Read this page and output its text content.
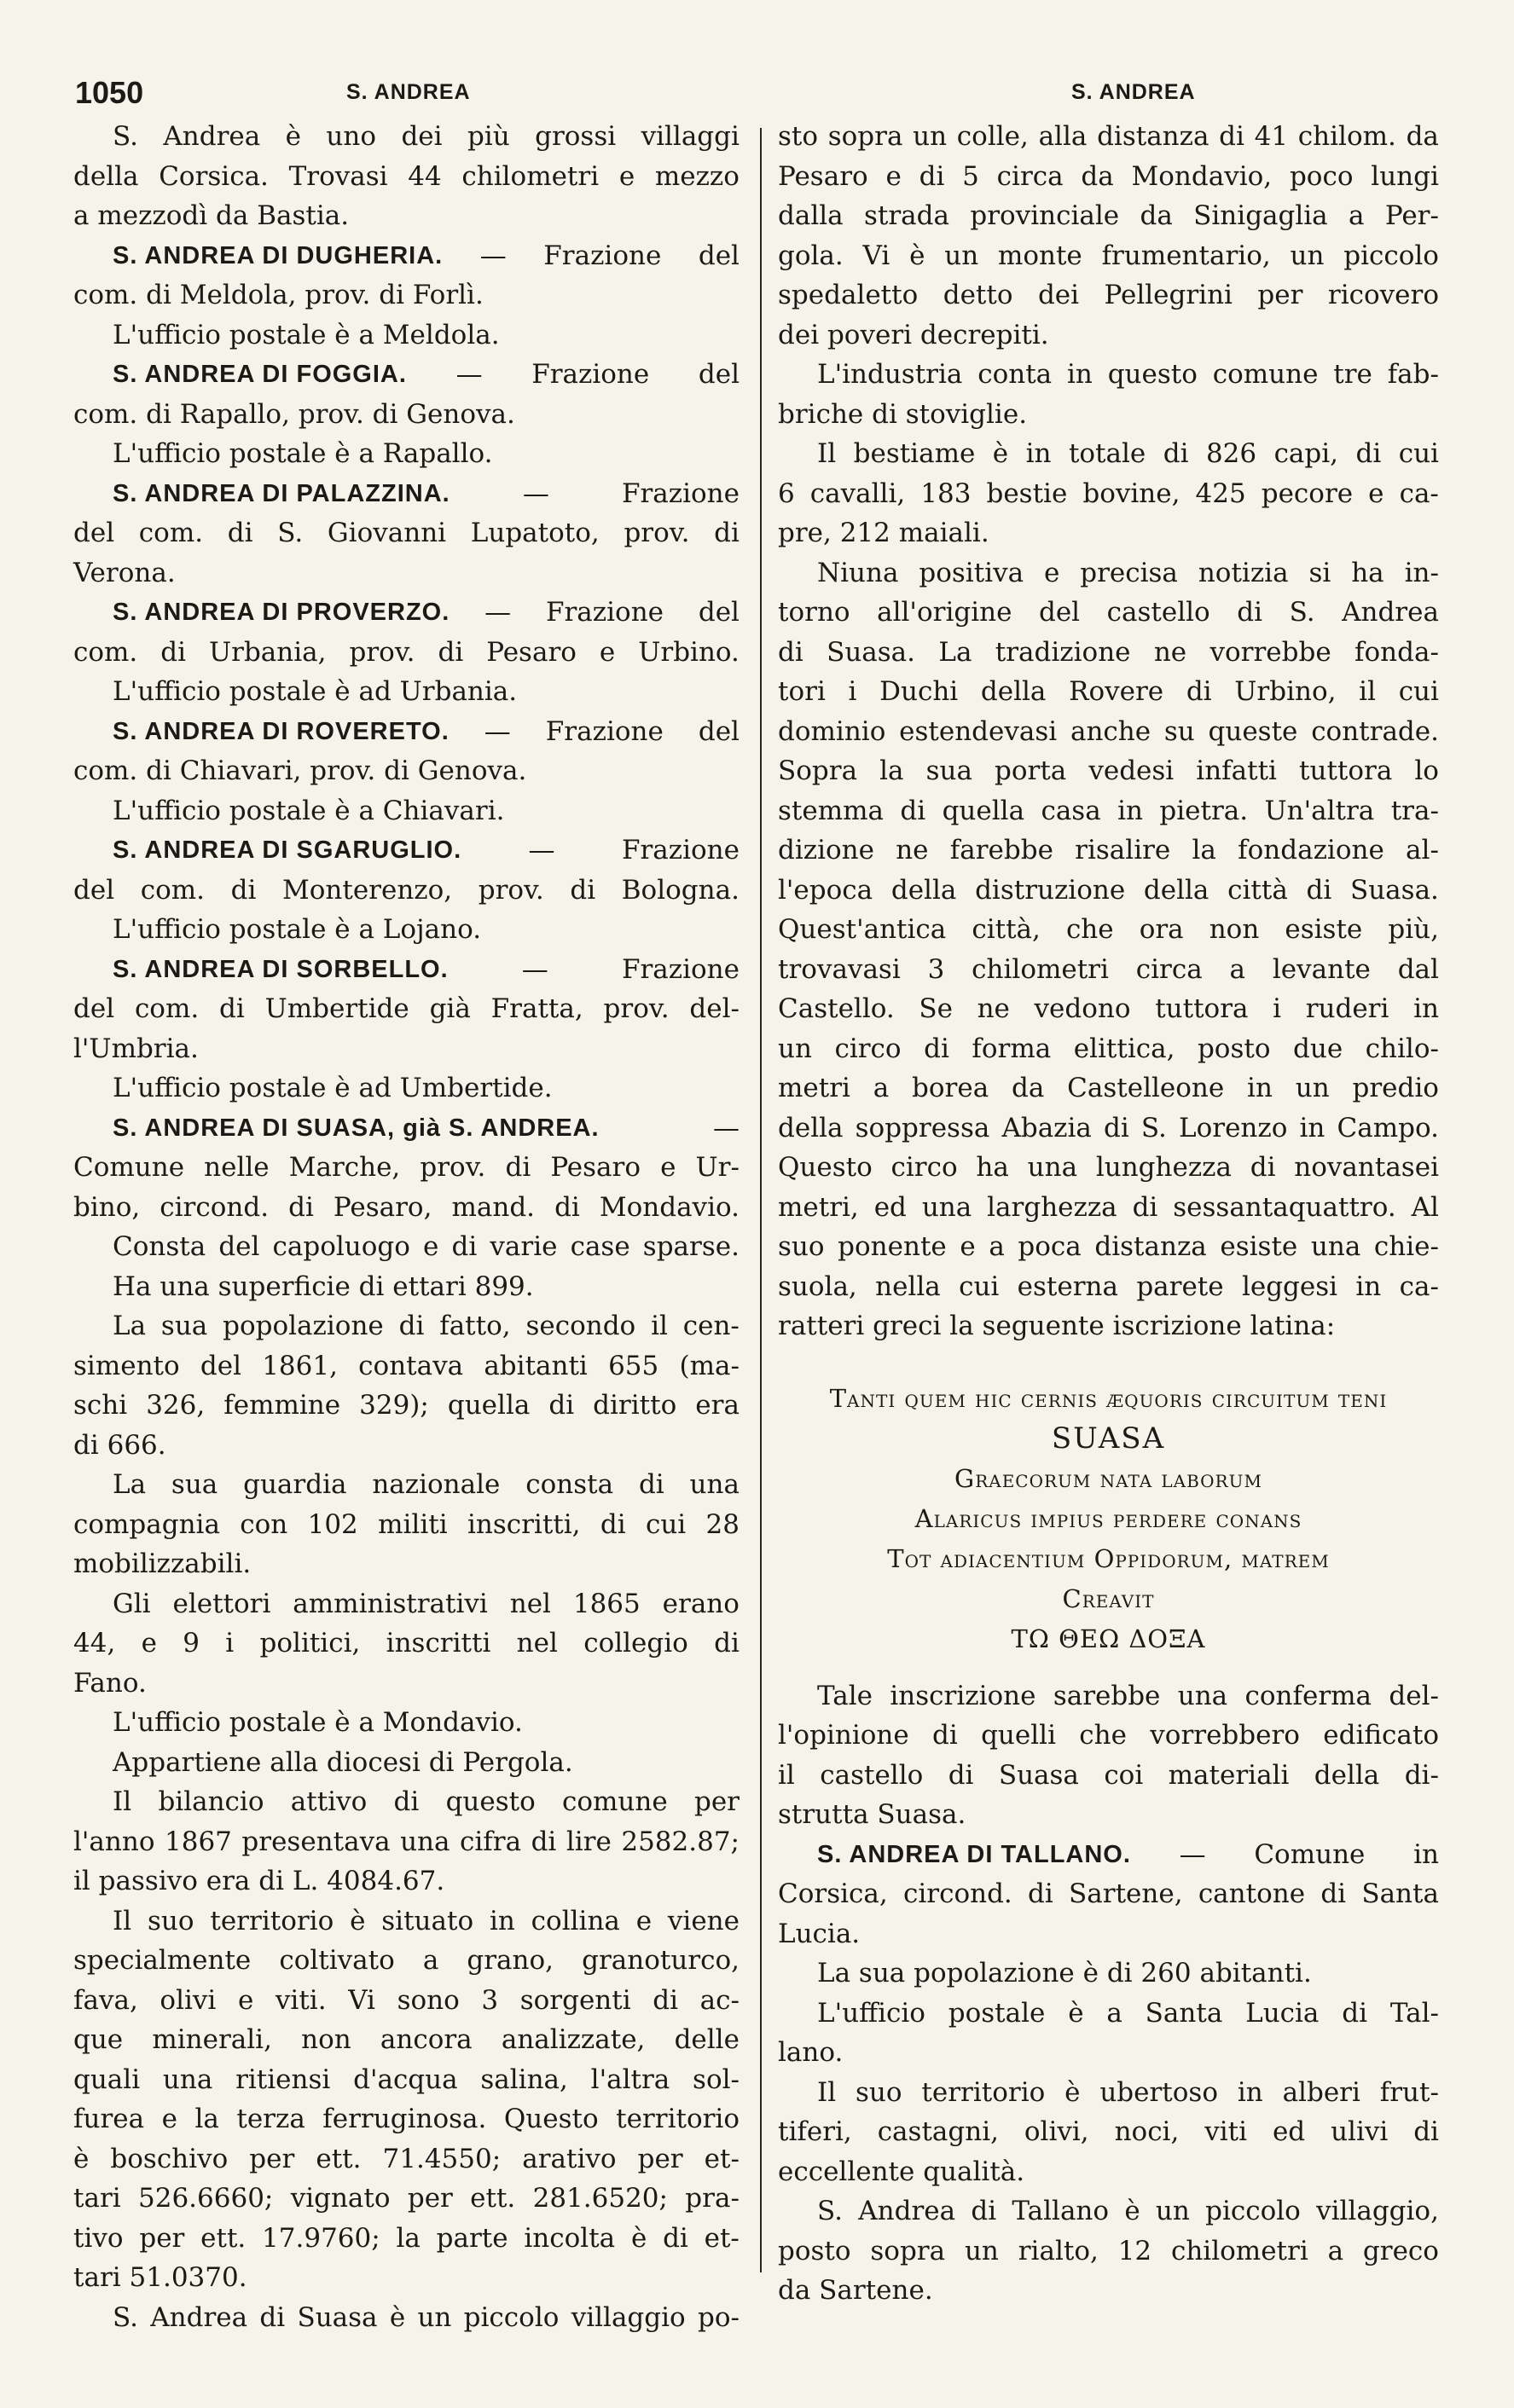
1050	S. ANDREA	S. ANDREA
S. Andrea è uno dei più grossi villaggi
della Corsica. Trovasi 44 chilometri e mezzo
a mezzodì da Bastia.
S. ANDREA DI DUGHERIA. — Frazione del
com. di Meldola, prov. di Forlì.
L'ufficio postale è a Meldola.
S. ANDREA DI FOGGIA. — Frazione del
com. di Rapallo, prov. di Genova.
L'ufficio postale è a Rapallo.
S. ANDREA DI PALAZZINA.	—	Frazione
del com. di S. Giovanni Lupatoto, prov. di
Verona.
S. ANDREA DI PROVERZO. — Frazione del
com. di Urbania, prov. di Pesaro e Urbino.
L'ufficio postale è ad Urbania.
S. ANDREA DI ROVERETO. — Frazione del
com. di Chiavari, prov. di Genova.
L'ufficio postale è a Chiavari.
S. ANDREA DI SGARUGLIO.	—	Frazione
del com. di Monterenzo, prov. di Bologna.
L'ufficio postale è a Lojano.
S. ANDREA DI SORBELLO.	—	Frazione
del com. di Umbertide già Fratta, prov. del-
l'Umbria.
L'ufficio postale è ad Umbertide.
S. ANDREA DI SUASA, già S. ANDREA.	—
Comune nelle Marche, prov. di Pesaro e Ur-
bino, circond. di Pesaro, mand. di Mondavio.
Consta del capoluogo e di varie case sparse.
Ha una superficie di ettari 899.
La sua popolazione di fatto, secondo il cen-
simento del 1861, contava abitanti 655 (ma-
schi 326, femmine 329); quella di diritto era
di 666.
La sua guardia nazionale consta di una
compagnia con 102 militi inscritti, di cui 28
mobilizzabili.
Gli elettori amministrativi nel 1865 erano
44, e 9 i politici, inscritti nel collegio di
Fano.
L'ufficio postale è a Mondavio.
Appartiene alla diocesi di Pergola.
Il bilancio attivo di questo comune per
l'anno 1867 presentava una cifra di lire 2582.87;
il passivo era di L. 4084.67.
Il suo territorio è situato in collina e viene
specialmente coltivato a grano, granoturco,
fava, olivi e viti. Vi sono 3 sorgenti di ac-
que minerali, non ancora analizzate, delle
quali una ritiensi d'acqua salina, l'altra sol-
furea e la terza ferruginosa. Questo territorio
è boschivo per ett. 71.4550; arativo per et-
tari 526.6660; vignato per ett. 281.6520; pra-
tivo per ett. 17.9760; la parte incolta è di et-
tari 51.0370.
S. Andrea di Suasa è un piccolo villaggio po-
sto sopra un colle, alla distanza di 41 chilom. da
Pesaro e di 5 circa da Mondavio, poco lungi
dalla strada provinciale da Sinigaglia a Per-
gola. Vi è un monte frumentario, un piccolo
spedaletto detto dei Pellegrini per ricovero
dei poveri decrepiti.
L'industria conta in questo comune tre fab-
briche di stoviglie.
Il bestiame è in totale di 826 capi, di cui
6 cavalli, 183 bestie bovine, 425 pecore e ca-
pre, 212 maiali.
Niuna positiva e precisa notizia si ha in-
torno all'origine del castello di S. Andrea
di Suasa. La tradizione ne vorrebbe fonda-
tori i Duchi della Rovere di Urbino, il cui
dominio estendevasi anche su queste contrade.
Sopra la sua porta vedesi infatti tuttora lo
stemma di quella casa in pietra. Un'altra tra-
dizione ne farebbe risalire la fondazione al-
l'epoca della distruzione della città di Suasa.
Quest'antica città, che ora non esiste più,
trovavasi 3 chilometri circa a levante dal
Castello. Se ne vedono tuttora i ruderi in
un circo di forma elittica, posto due chilo-
metri a borea da Castelleone in un predio
della soppressa Abazia di S. Lorenzo in Campo.
Questo circo ha una lunghezza di novantasei
metri, ed una larghezza di sessantaquattro. Al
suo ponente e a poca distanza esiste una chie-
suola, nella cui esterna parete leggesi in ca-
ratteri greci la seguente iscrizione latina:
Tanti quem hic cernis æquoris circuitum teni
SUASA
Graecorum nata laborum
Alaricus impius perdere conans
Tot adiacentium Oppidorum, matrem
Creavit
ΤΩ ΘΕΩ ΔΟΞΑ
Tale inscrizione sarebbe una conferma del-
l'opinione di quelli che vorrebbero edificato
il castello di Suasa coi materiali della di-
strutta Suasa.
S. ANDREA DI TALLANO. — Comune in
Corsica, circond. di Sartene, cantone di Santa
Lucia.
La sua popolazione è di 260 abitanti.
L'ufficio postale è a Santa Lucia di Tal-
lano.
Il suo territorio è ubertoso in alberi frut-
tiferi, castagni, olivi, noci, viti ed ulivi di
eccellente qualità.
S. Andrea di Tallano è un piccolo villaggio,
posto sopra un rialto, 12 chilometri a greco
da Sartene.
